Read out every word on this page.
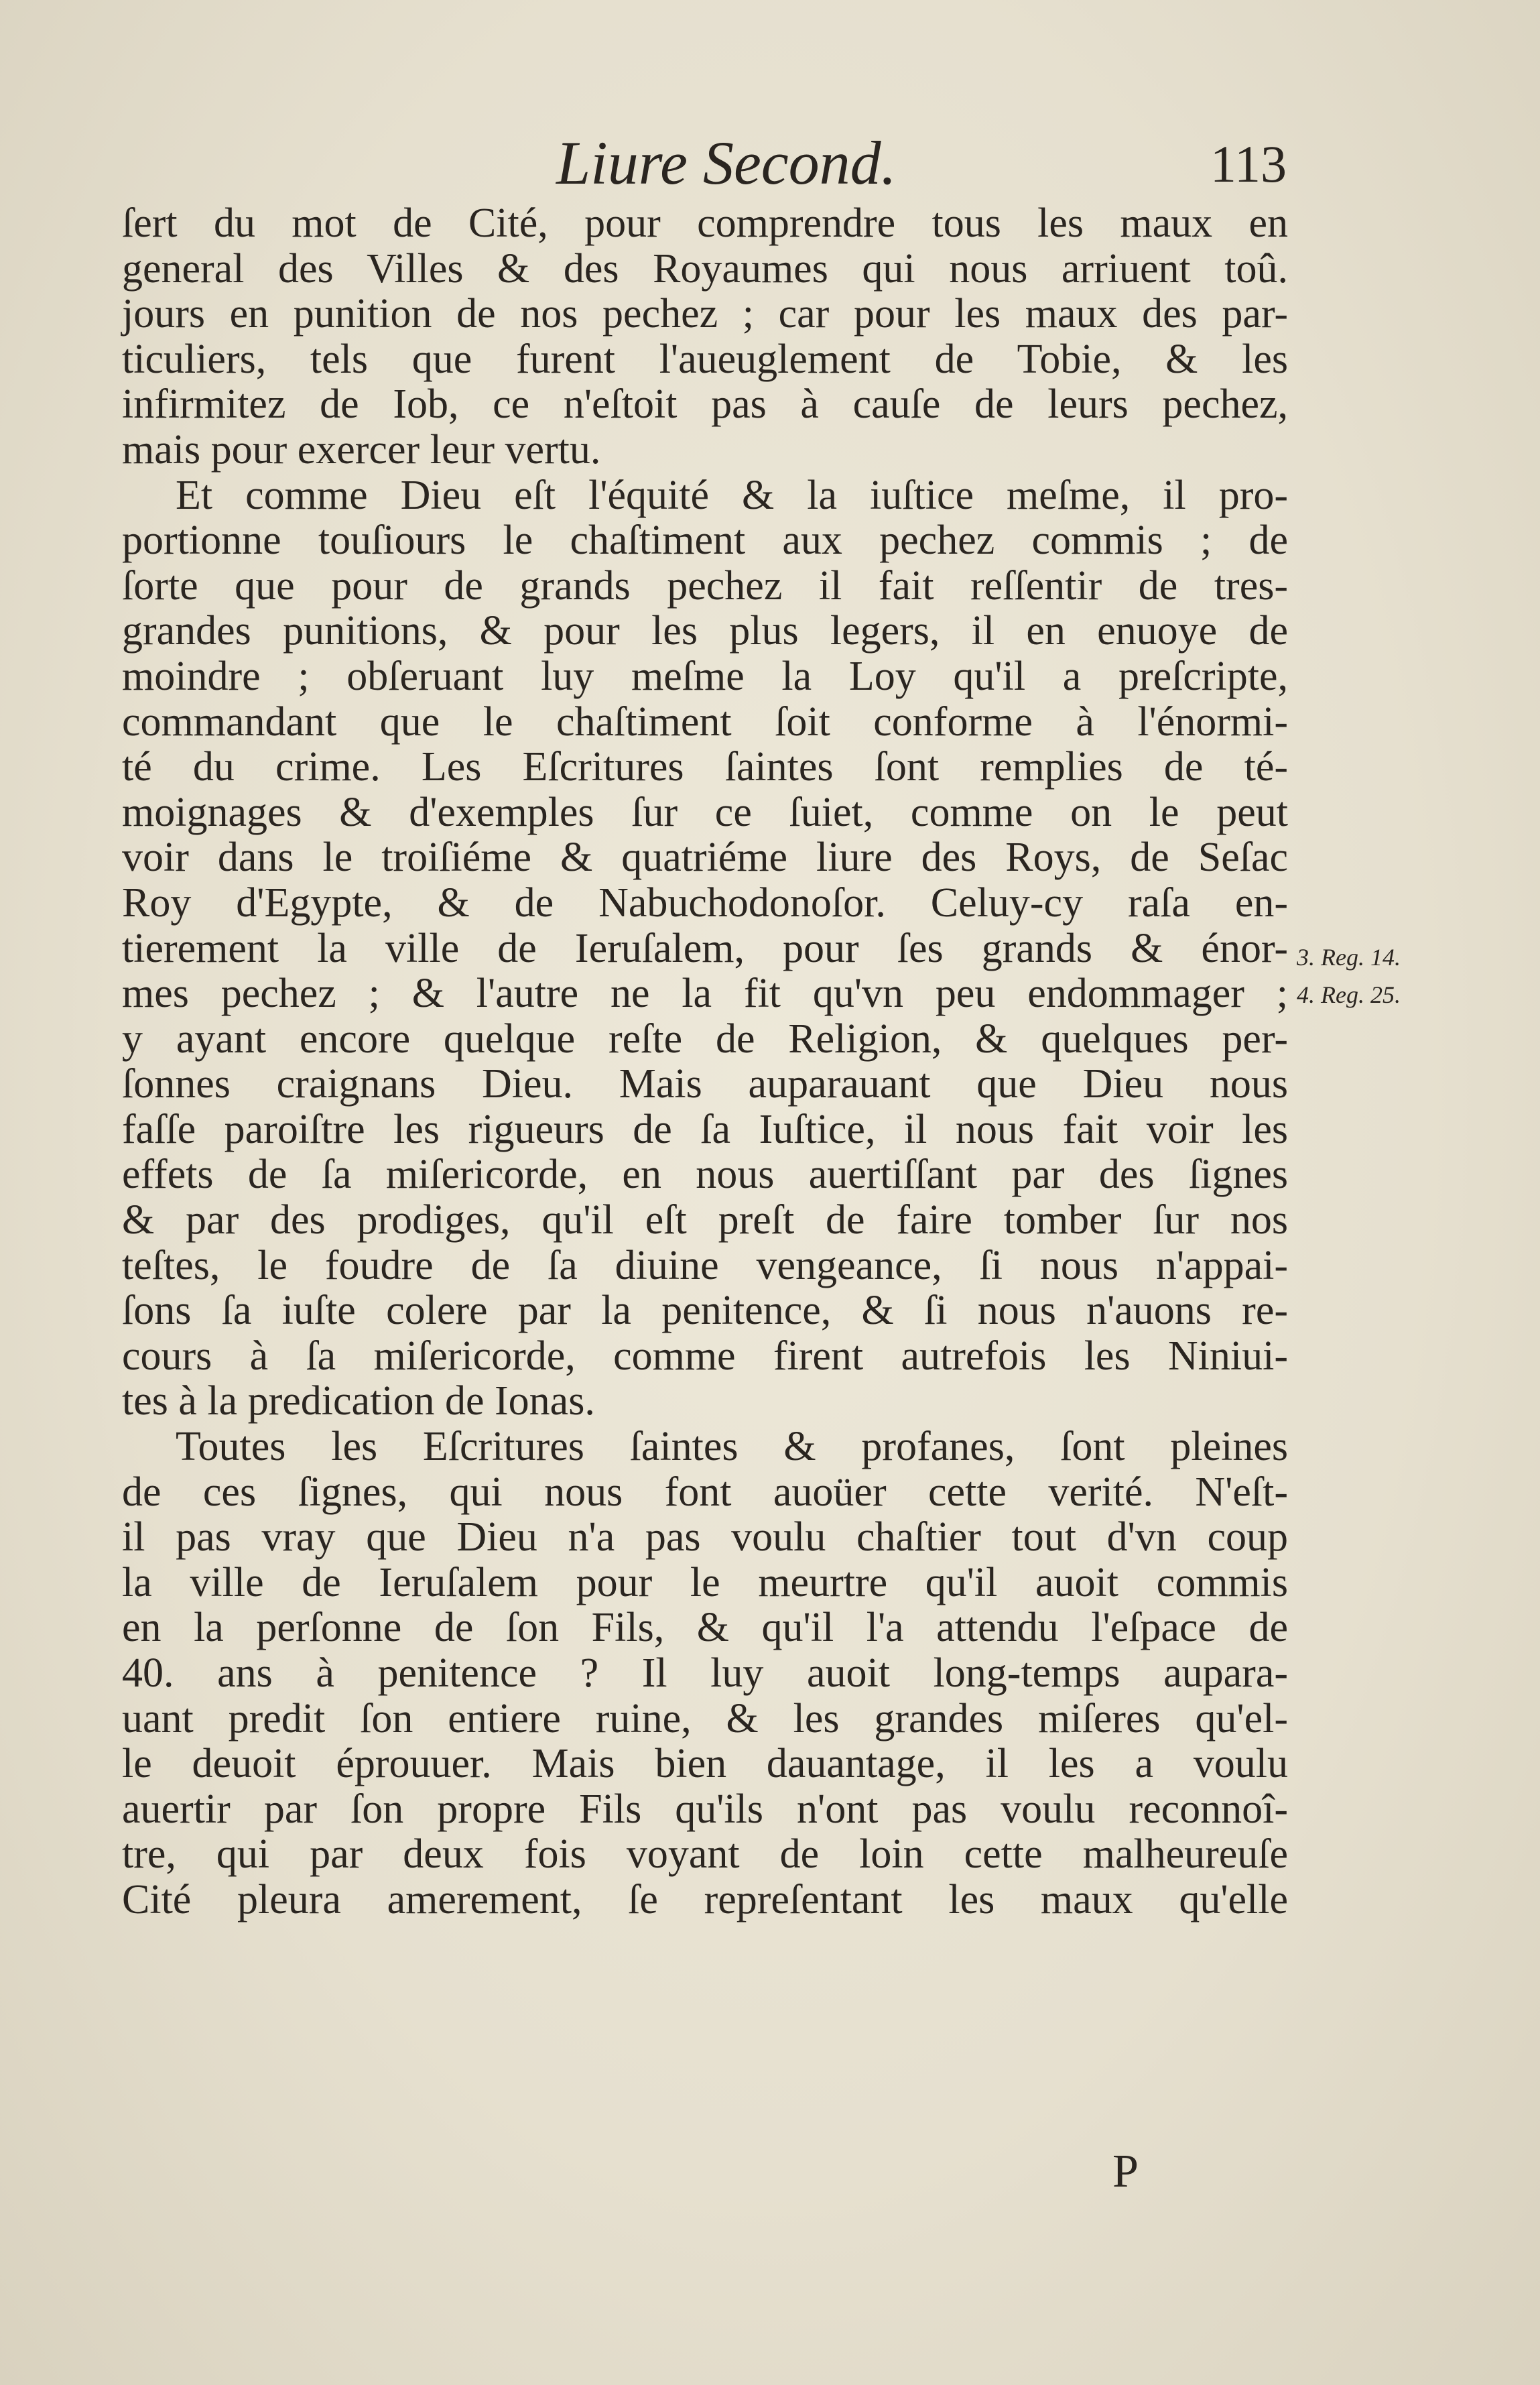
Liure Second.	113
ſert du mot de Cité, pour comprendre tous les maux en
general des Villes & des Royaumes qui nous arriuent toû.
jours en punition de nos pechez ; car pour les maux des par-
ticuliers, tels que furent l'aueuglement de Tobie, & les
infirmitez de Iob, ce n'eſtoit pas à cauſe de leurs pechez,
mais pour exercer leur vertu.
Et comme Dieu eſt l'équité & la iuſtice meſme, il pro-
portionne touſiours le chaſtiment aux pechez commis ; de
ſorte que pour de grands pechez il fait reſſentir de tres-
grandes punitions, & pour les plus legers, il en enuoye de
moindre ; obſeruant luy meſme la Loy qu'il a preſcripte,
commandant que le chaſtiment ſoit conforme à l'énormi-
té du crime. Les Eſcritures ſaintes ſont remplies de té-
moignages & d'exemples ſur ce ſuiet, comme on le peut
voir dans le troiſiéme & quatriéme liure des Roys, de Seſac
Roy d'Egypte, & de Nabuchodonoſor. Celuy-cy raſa en-
tierement la ville de Ieruſalem, pour ſes grands & énor-
mes pechez ; & l'autre ne la fit qu'vn peu endommager ;
y ayant encore quelque reſte de Religion, & quelques per-
ſonnes craignans Dieu. Mais auparauant que Dieu nous
faſſe paroiſtre les rigueurs de ſa Iuſtice, il nous fait voir les
effets de ſa miſericorde, en nous auertiſſant par des ſignes
& par des prodiges, qu'il eſt preſt de faire tomber ſur nos
teſtes, le foudre de ſa diuine vengeance, ſi nous n'appai-
ſons ſa iuſte colere par la penitence, & ſi nous n'auons re-
cours à ſa miſericorde, comme firent autrefois les Niniui-
tes à la predication de Ionas.
Toutes les Eſcritures ſaintes & profanes, ſont pleines
de ces ſignes, qui nous font auoüer cette verité. N'eſt-
il pas vray que Dieu n'a pas voulu chaſtier tout d'vn coup
la ville de Ieruſalem pour le meurtre qu'il auoit commis
en la perſonne de ſon Fils, & qu'il l'a attendu l'eſpace de
40. ans à penitence ? Il luy auoit long-temps aupara-
uant predit ſon entiere ruine, & les grandes miſeres qu'el-
le deuoit éprouuer. Mais bien dauantage, il les a voulu
auertir par ſon propre Fils qu'ils n'ont pas voulu reconnoî-
tre, qui par deux fois voyant de loin cette malheureuſe
Cité pleura amerement, ſe repreſentant les maux qu'elle
3. Reg. 14.
4. Reg. 25.
P
